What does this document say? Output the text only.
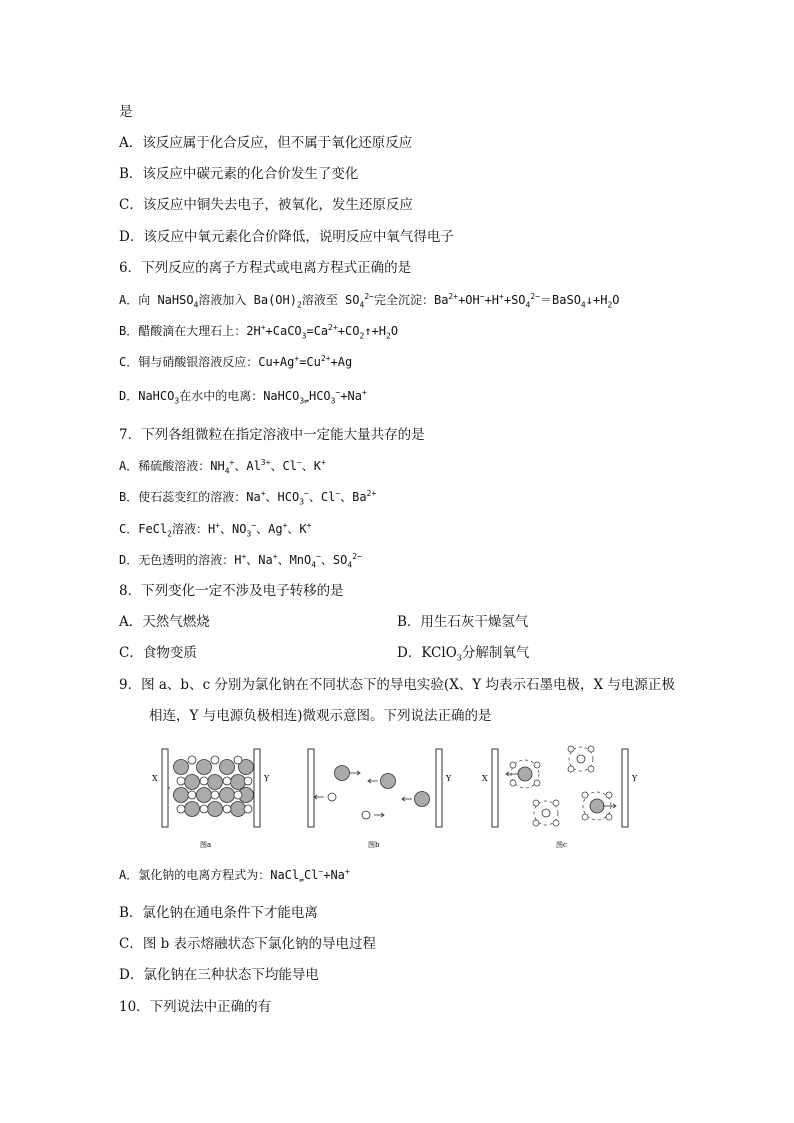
是
A．该反应属于化合反应，但不属于氧化还原反应
B．该反应中碳元素的化合价发生了变化
C．该反应中铜失去电子，被氧化，发生还原反应
D．该反应中氧元素化合价降低，说明反应中氧气得电子
6．下列反应的离子方程式或电离方程式正确的是
A．向 NaHSO$_4$溶液加入 $Ba(OH)_2$溶液至 $SO_4^{2-}$完全沉淀：$Ba^{2+}+OH^-+H^++SO_4^{2-}=BaSO_4↓+H_2O$
B．醋酸滴在大理石上：$2H^++CaCO_3=Ca^{2+}+CO_2↑+H_2O$
C．铜与硝酸银溶液反应：$Cu+Ag^+=Cu^{2+}+Ag$
D．NaHCO$_3$在水中的电离：$NaHCO_{3\rightleftharpoons}HCO_3^-+Na^+$
7．下列各组微粒在指定溶液中一定能大量共存的是
A．稀硫酸溶液：$NH_4^+$、$Al^{3+}$、Cl−、K+
B．使石蕊变红的溶液：Na+、$HCO_3^-$、Cl−、$Ba^{2+}$
C．FeCl$_2$溶液：H+、$NO_3^-$、Ag+、K+
D．无色透明的溶液：H+、Na+、MnO$_4$−、$SO_4^{2-}$
8．下列变化一定不涉及电子转移的是
A．天然气燃烧	B．用生石灰干燥氢气
C．食物变质	D．KClO$_3$分解制氧气
9．图 a、b、c 分别为氯化钠在不同状态下的导电实验(X、Y 均表示石墨电极，X 与电源正极
相连，Y 与电源负极相连)微观示意图。下列说法正确的是
X	Y
图a
Y
图b
X	Y
图c
A．氯化钠的电离方程式为：NaCl$_\rightleftharpoons$Cl−+Na+
B．氯化钠在通电条件下才能电离
C．图 b 表示熔融状态下氯化钠的导电过程
D．氯化钠在三种状态下均能导电
10．下列说法中正确的有
